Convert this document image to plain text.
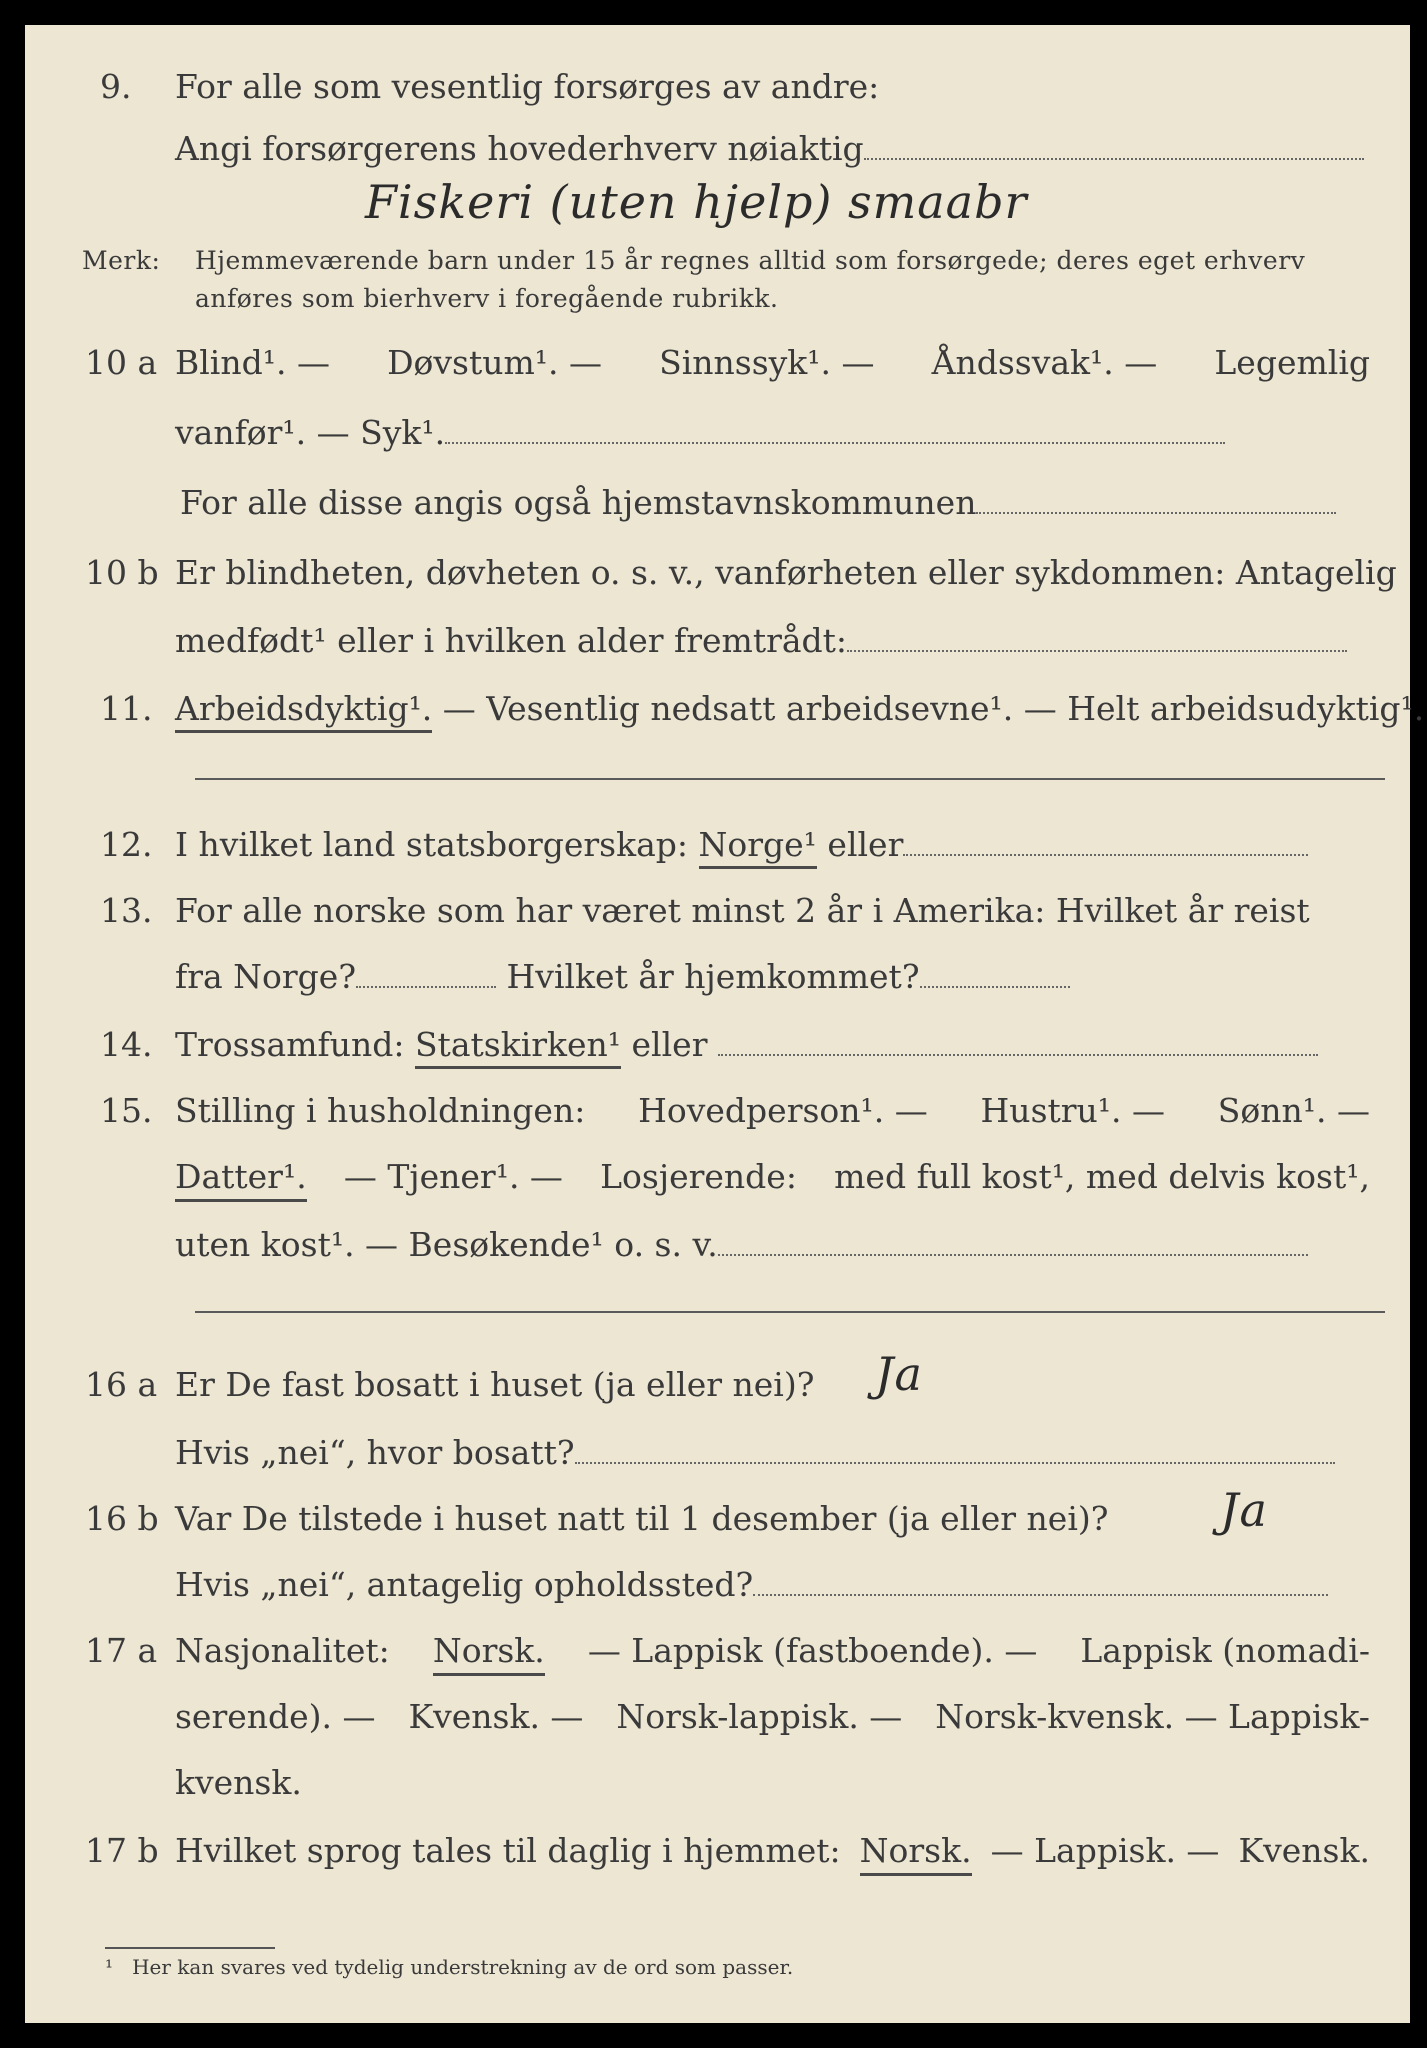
9. For alle som vesentlig forsørges av andre:
Angi forsørgerens hovederhverv nøiaktig
Fiskeri (uten hjelp) smaabr
Merk: Hjemmeværende barn under 15 år regnes alltid som forsørgede; deres eget erhverv
anføres som bierhverv i foregående rubrikk.
10 a Blind¹. — Døvstum¹. — Sinnssyk¹. — Åndssvak¹. — Legemlig
vanfør¹. — Syk¹.
For alle disse angis også hjemstavnskommunen
10 b Er blindheten, døvheten o. s. v., vanførheten eller sykdommen: Antagelig
medfødt¹ eller i hvilken alder fremtrådt:
11. Arbeidsdyktig¹. — Vesentlig nedsatt arbeidsevne¹. — Helt arbeidsudyktig¹.
12. I hvilket land statsborgerskap: Norge¹ eller
13. For alle norske som har været minst 2 år i Amerika: Hvilket år reist
fra Norge?	Hvilket år hjemkommet?
14. Trossamfund: Statskirken¹ eller
15. Stilling i husholdningen: Hovedperson¹. — Hustru¹. — Sønn¹. —
Datter¹. — Tjener¹. — Losjerende: med full kost¹, med delvis kost¹,
uten kost¹. — Besøkende¹ o. s. v.
16 a Er De fast bosatt i huset (ja eller nei)? Ja
Hvis „nei“, hvor bosatt?
16 b Var De tilstede i huset natt til 1 desember (ja eller nei)? Ja
Hvis „nei“, antagelig opholdssted?
17 a Nasjonalitet: Norsk. — Lappisk (fastboende). — Lappisk (nomadi-
serende). — Kvensk. — Norsk-lappisk. — Norsk-kvensk. — Lappisk-
kvensk.
17 b Hvilket sprog tales til daglig i hjemmet: Norsk. — Lappisk. — Kvensk.
¹ Her kan svares ved tydelig understrekning av de ord som passer.
